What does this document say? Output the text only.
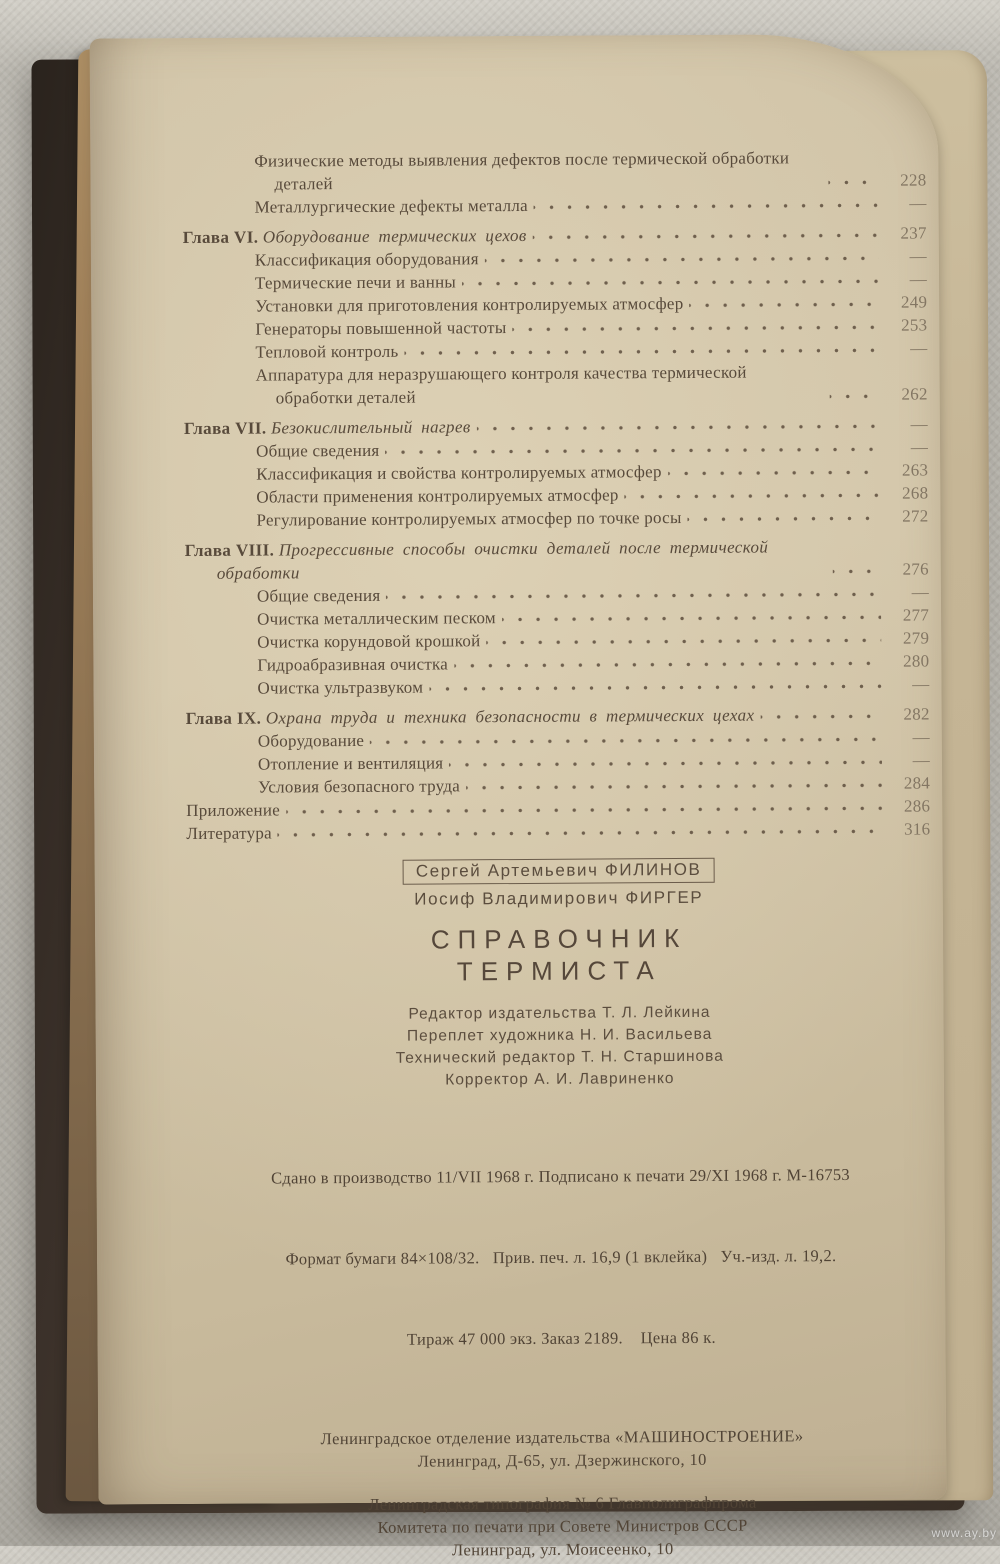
Физические методы выявления дефектов после термической обработки деталей	228
Металлургические дефекты металла	—
Глава VI. Оборудование термических цехов	237
Классификация оборудования	—
Термические печи и ванны	—
Установки для приготовления контролируемых атмосфер	249
Генераторы повышенной частоты	253
Тепловой контроль	—
Аппаратура для неразрушающего контроля качества термической обработки деталей	262
Глава VII. Безокислительный нагрев	—
Общие сведения	—
Классификация и свойства контролируемых атмосфер	263
Области применения контролируемых атмосфер	268
Регулирование контролируемых атмосфер по точке росы	272
Глава VIII. Прогрессивные способы очистки деталей после термической обработки	276
Общие сведения	—
Очистка металлическим песком	277
Очистка корундовой крошкой	279
Гидроабразивная очистка	280
Очистка ультразвуком	—
Глава IX. Охрана труда и техника безопасности в термических цехах	282
Оборудование	—
Отопление и вентиляция	—
Условия безопасного труда	284
Приложение	286
Литература	316
Сергей Артемьевич ФИЛИНОВ
Иосиф Владимирович ФИРГЕР
СПРАВОЧНИК
ТЕРМИСТА
Редактор издательства Т. Л. Лейкина
Переплет художника Н. И. Васильева
Технический редактор Т. Н. Старшинова
Корректор А. И. Лавриненко

Сдано в производство 11/VII 1968 г. Подписано к печати 29/XI 1968 г. М-16753

Формат бумаги 84×108/32.   Прив. печ. л. 16,9 (1 вклейка)   Уч.-изд. л. 19,2.

Тираж 47 000 экз. Заказ 2189.    Цена 86 к.

Ленинградское отделение издательства «МАШИНОСТРОЕНИЕ»
Ленинград, Д-65, ул. Дзержинского, 10
Ленинградская типография № 6 Главполиграфпрома
Комитета по печати при Совете Министров СССР
Ленинград, ул. Моисеенко, 10
www.ay.by
